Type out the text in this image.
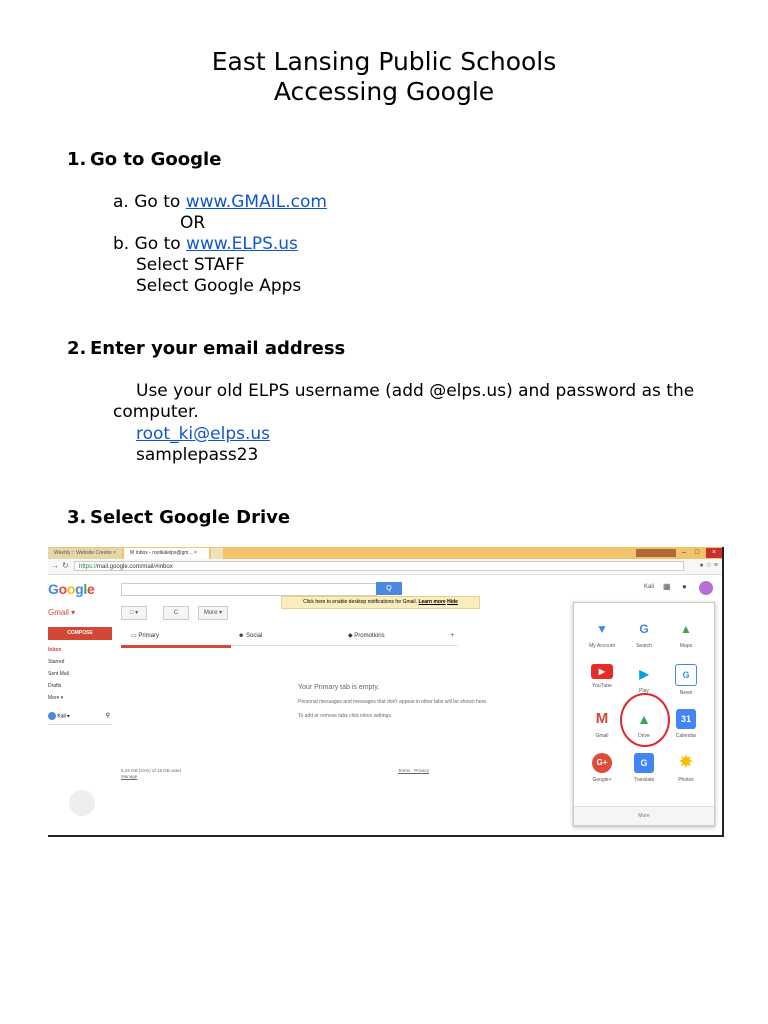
East Lansing Public Schools
Accessing Google
1. Go to Google
a. Go to www.GMAIL.com
OR
b. Go to www.ELPS.us
Select STAFF
Select Google Apps
2. Enter your email address
Use your old ELPS username (add @elps.us) and password as the
computer.
root_ki@elps.us
samplepass23
3. Select Google Drive
Weebly :: Website Creatio ×	M Inbox - rootkalelps@gm... ×	–	□	×
→ ↻	https://mail.google.com/mail/#inbox	● ☆ ≡
Google	Q	Kali ▦ ●
Click here to enable desktop notifications for Gmail. Learn more Hide
Gmail ▾	□ ▾	C	More ▾
COMPOSE
Inbox
Starred
Sent Mail
Drafts
More ▾
Kali ▾	⚲
▭ Primary	☻ Social	◆ Promotions	+
Your Primary tab is empty.
Personal messages and messages that don't appear in other tabs will be shown here.
To add or remove tabs click inbox settings.
6.24 GB (41%) of 15 GB used
Manage
Terms - Privacy
▼
My Account
G
Search
▲
Maps
▶
YouTube
▶
Play
G
News
M
Gmail
▲
Drive
31
Calendar
G+
Google+
G
Translate
✸
Photos
More
